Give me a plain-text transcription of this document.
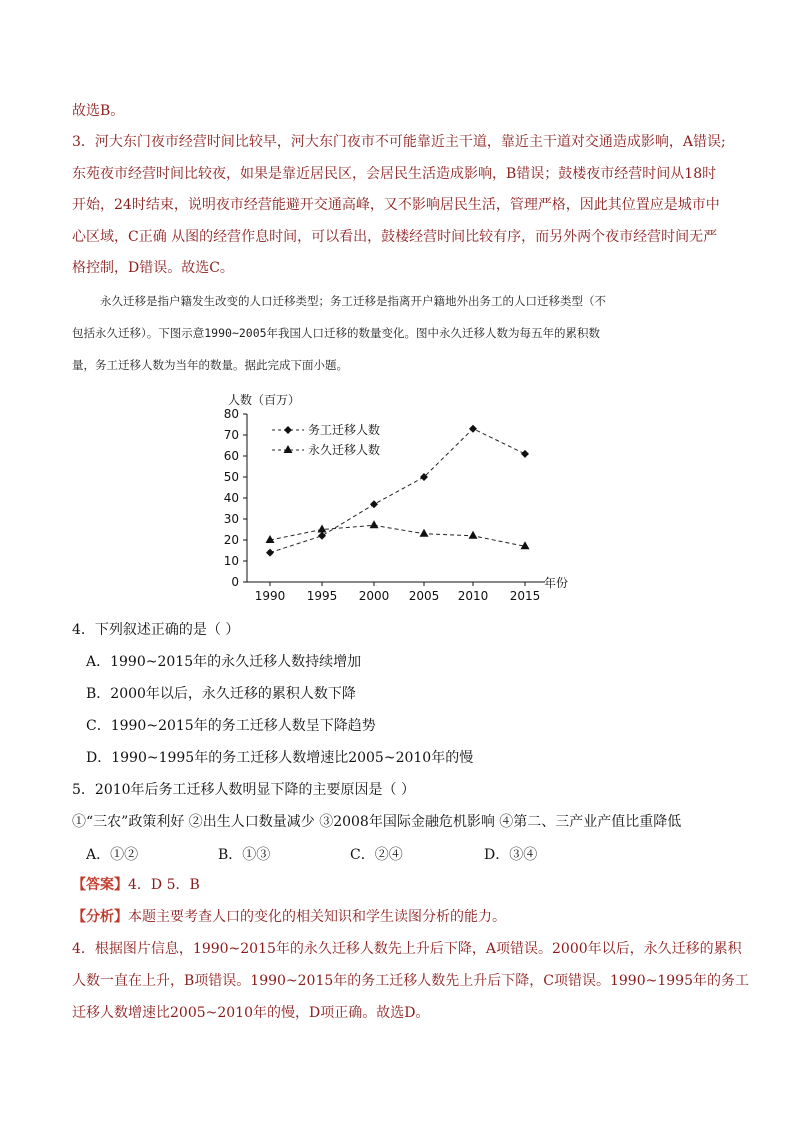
故选B。
3．河大东门夜市经营时间比较早，河大东门夜市不可能靠近主干道，靠近主干道对交通造成影响，A错误;
东苑夜市经营时间比较夜，如果是靠近居民区，会居民生活造成影响，B错误；鼓楼夜市经营时间从18时
开始，24时结束，说明夜市经营能避开交通高峰，又不影响居民生活，管理严格，因此其位置应是城市中
心区域，C正确 从图的经营作息时间，可以看出，鼓楼经营时间比较有序，而另外两个夜市经营时间无严
格控制，D错误。故选C。
永久迁移是指户籍发生改变的人口迁移类型；务工迁移是指离开户籍地外出务工的人口迁移类型（不
包括永久迁移）。下图示意1990~2005年我国人口迁移的数量变化。图中永久迁移人数为每五年的累积数
量，务工迁移人数为当年的数量。据此完成下面小题。
人数（百万）
年份
0
10
20
30
40
50
60
70
80
1990 1995 2000 2005 2010 2015
务工迁移人数
永久迁移人数
4．下列叙述正确的是（ ）
A．1990~2015年的永久迁移人数持续增加
B．2000年以后，永久迁移的累积人数下降
C．1990~2015年的务工迁移人数呈下降趋势
D．1990~1995年的务工迁移人数增速比2005~2010年的慢
5．2010年后务工迁移人数明显下降的主要原因是（ ）
①“三农”政策利好 ②出生人口数量减少 ③2008年国际金融危机影响 ④第二、三产业产值比重降低
A．①②	B．①③	C．②④	D．③④
【答案】4．D 5．B
【分析】本题主要考查人口的变化的相关知识和学生读图分析的能力。
4．根据图片信息，1990~2015年的永久迁移人数先上升后下降，A项错误。2000年以后，永久迁移的累积
人数一直在上升，B项错误。1990~2015年的务工迁移人数先上升后下降，C项错误。1990~1995年的务工
迁移人数增速比2005~2010年的慢，D项正确。故选D。
